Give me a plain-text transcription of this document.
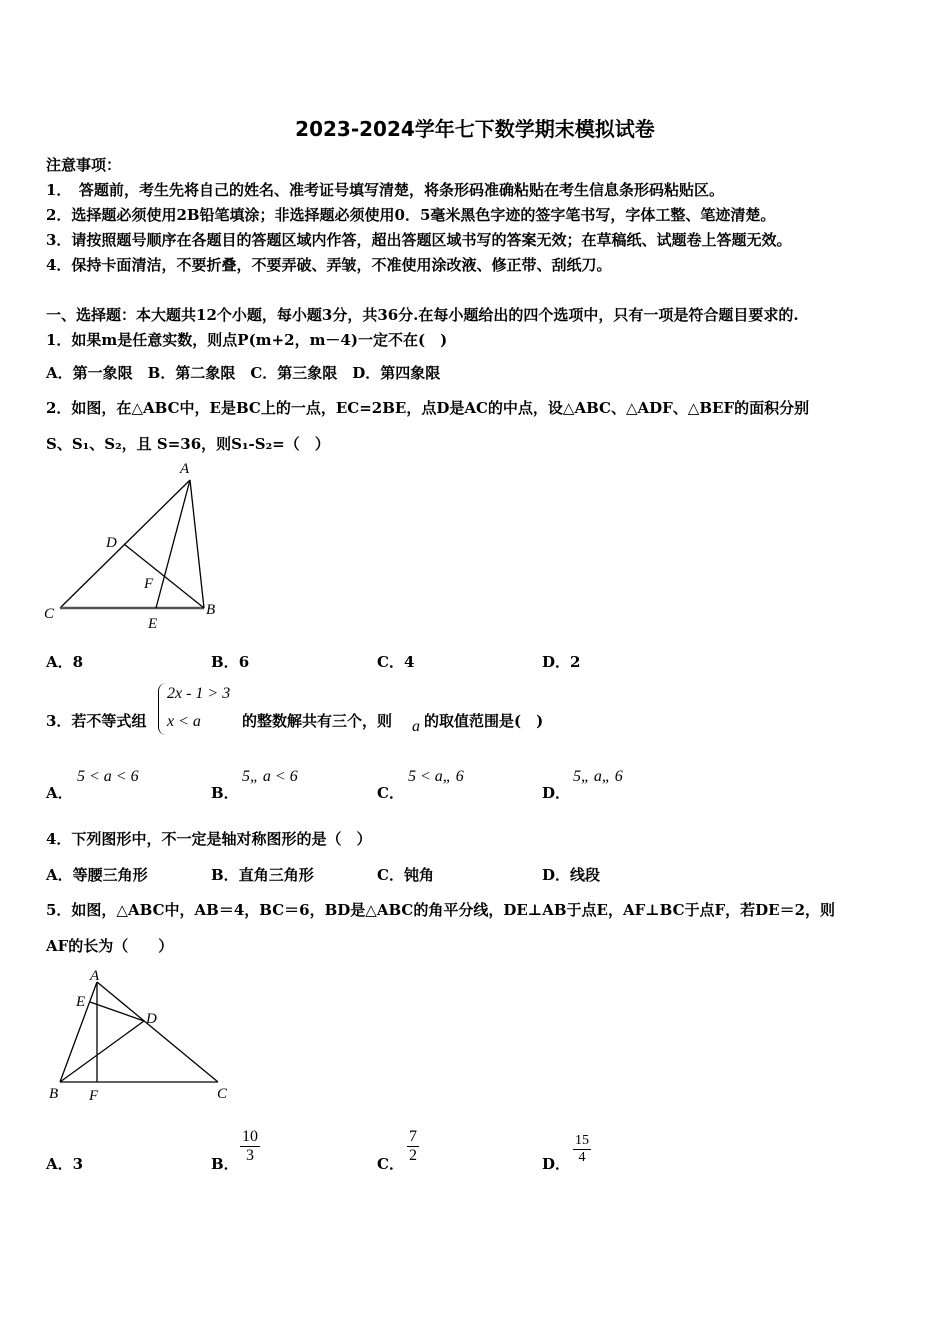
2023-2024学年七下数学期末模拟试卷
注意事项：
1．　答题前，考生先将自己的姓名、准考证号填写清楚，将条形码准确粘贴在考生信息条形码粘贴区。
2．选择题必须使用2B铅笔填涂；非选择题必须使用0．5毫米黑色字迹的签字笔书写，字体工整、笔迹清楚。
3．请按照题号顺序在各题目的答题区域内作答，超出答题区域书写的答案无效；在草稿纸、试题卷上答题无效。
4．保持卡面清洁，不要折叠，不要弄破、弄皱，不准使用涂改液、修正带、刮纸刀。
一、选择题：本大题共12个小题，每小题3分，共36分.在每小题给出的四个选项中，只有一项是符合题目要求的.
1．如果m是任意实数，则点P(m+2，m－4)一定不在(　)
A．第一象限　B．第二象限　C．第三象限　D．第四象限
2．如图，在△ABC中，E是BC上的一点，EC=2BE，点D是AC的中点，设△ABC、△ADF、△BEF的面积分别
S、S₁、S₂，且 S=36，则S₁-S₂=（　）
A
B
C
D
E
F
A．8	B．6	C．4	D．2
3．若不等式组
2x - 1 > 3
x < a	的整数解共有三个，则 a 的取值范围是(　)
A．
5 < a < 6
B．
5„ a < 6
C．
5 < a„ 6
D．
5„ a„ 6
4．下列图形中，不一定是轴对称图形的是（　）
A．等腰三角形	B．直角三角形	C．钝角	D．线段
5．如图，△ABC中，AB＝4，BC＝6，BD是△ABC的角平分线，DE⊥AB于点E，AF⊥BC于点F，若DE＝2，则
AF的长为（　　）
A
B	C
D
E
F
A．3	B． $\frac{10}{3}$	C． $\frac{7}{2}$	D． $\frac{15}{4}$
